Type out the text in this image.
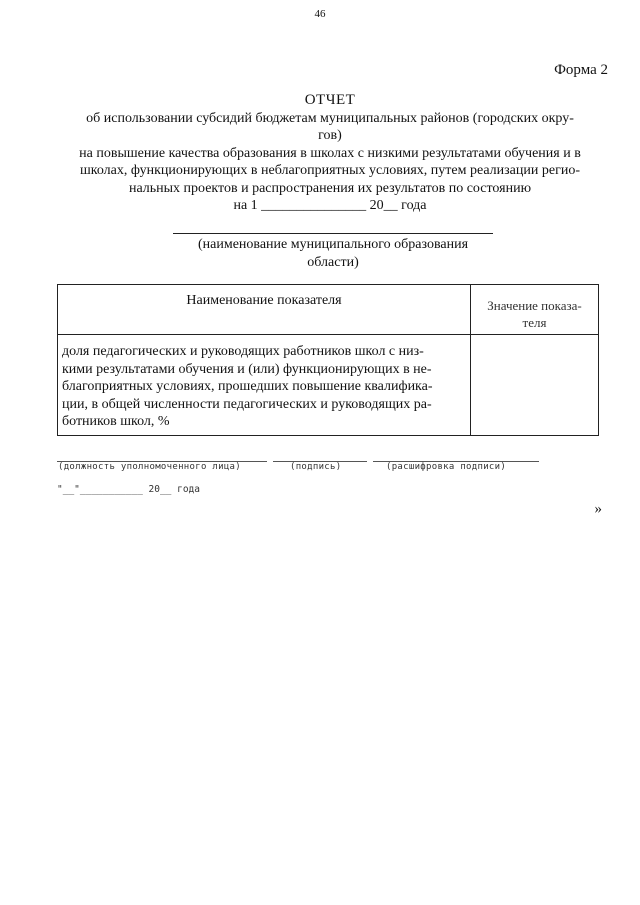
46
Форма 2
ОТЧЕТ
об использовании субсидий бюджетам муниципальных районов (городских окру-
гов)
на повышение качества образования в школах с низкими результатами обучения и в
школах, функционирующих в неблагоприятных условиях, путем реализации регио-
нальных проектов и распространения их результатов по состоянию
на 1 _______________ 20__ года
(наименование муниципального образования
области)
Наименование показателя	Значение показа-
теля

доля педагогических и руководящих работников школ с низ-
кими результатами обучения и (или) функционирующих в не-
благоприятных условиях, прошедших повышение квалифика-
ции, в общей численности педагогических и руководящих ра-
ботников школ, %	

(должность уполномоченного лица)	(подпись)	(расшифровка подписи)
"__"___________ 20__ года
»
